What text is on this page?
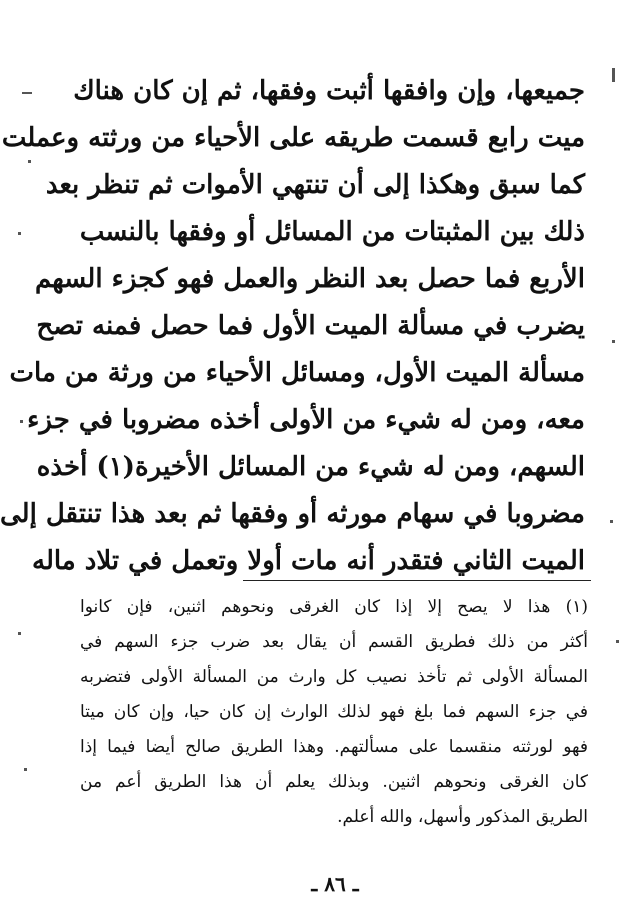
جميعها، وإن وافقها أثبت وفقها، ثم إن كان هناك
ميت رابع قسمت طريقه على الأحياء من ورثته وعملت
كما سبق وهكذا إلى أن تنتهي الأموات ثم تنظر بعد
ذلك بين المثبتات من المسائل أو وفقها بالنسب
الأربع فما حصل بعد النظر والعمل فهو كجزء السهم
يضرب في مسألة الميت الأول فما حصل فمنه تصح
مسألة الميت الأول، ومسائل الأحياء من ورثة من مات
معه، ومن له شيء من الأولى أخذه مضروبا في جزء
السهم، ومن له شيء من المسائل الأخيرة(١) أخذه
مضروبا في سهام مورثه أو وفقها ثم بعد هذا تنتقل إلى
الميت الثاني فتقدر أنه مات أولا وتعمل في تلاد ماله
(١) هذا لا يصح إلا إذا كان الغرقى ونحوهم اثنين، فإن كانوا
أكثر من ذلك فطريق القسم أن يقال بعد ضرب جزء السهم في
المسألة الأولى ثم تأخذ نصيب كل وارث من المسألة الأولى فتضربه
في جزء السهم فما بلغ فهو لذلك الوارث إن كان حيا، وإن كان ميتا
فهو لورثته منقسما على مسألتهم. وهذا الطريق صالح أيضا فيما إذا
كان الغرقى ونحوهم اثنين. وبذلك يعلم أن هذا الطريق أعم من
الطريق المذكور وأسهل، والله أعلم.
ـ ٨٦ ـ
